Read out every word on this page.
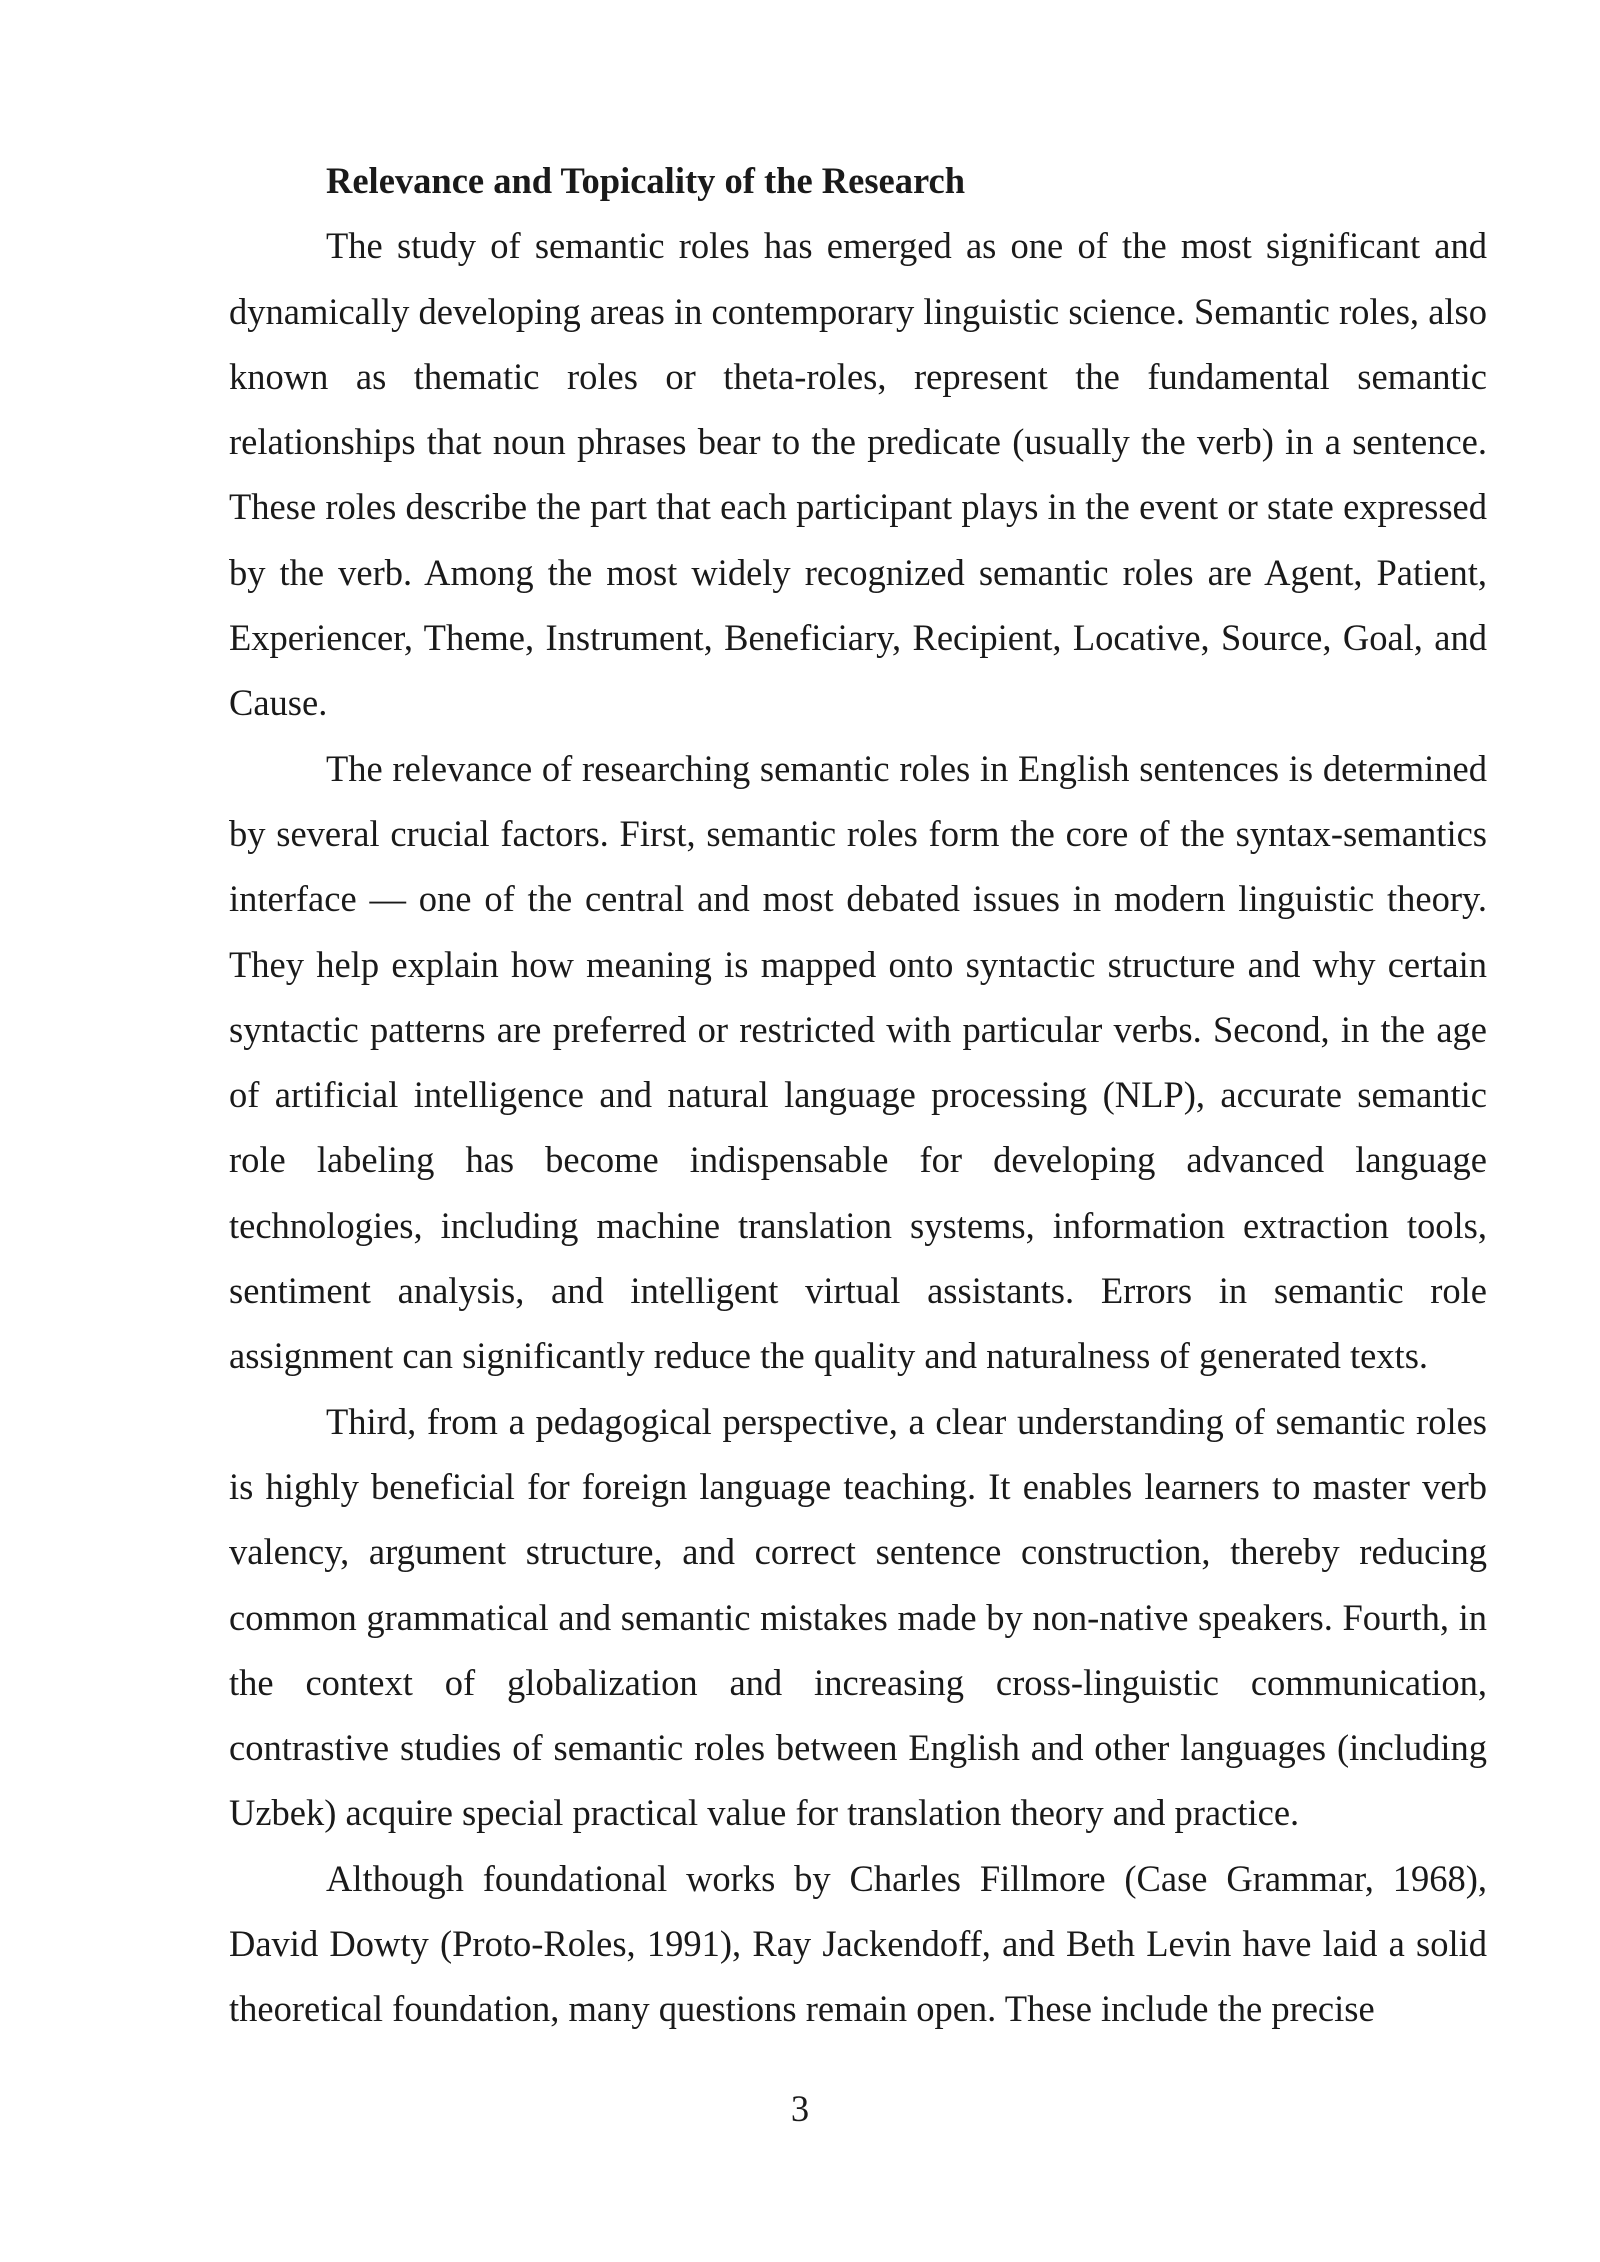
Relevance and Topicality of the Research

The study of semantic roles has emerged as one of the most significant and dynamically developing areas in contemporary linguistic science. Semantic roles, also known as thematic roles or theta-roles, represent the fundamental semantic relationships that noun phrases bear to the predicate (usually the verb) in a sentence. These roles describe the part that each participant plays in the event or state expressed by the verb. Among the most widely recognized semantic roles are Agent, Patient, Experiencer, Theme, Instrument, Beneficiary, Recipient, Locative, Source, Goal, and Cause.

The relevance of researching semantic roles in English sentences is determined by several crucial factors. First, semantic roles form the core of the syntax-semantics interface — one of the central and most debated issues in modern linguistic theory. They help explain how meaning is mapped onto syntactic structure and why certain syntactic patterns are preferred or restricted with particular verbs. Second, in the age of artificial intelligence and natural language processing (NLP), accurate semantic role labeling has become indispensable for developing advanced language technologies, including machine translation systems, information extraction tools, sentiment analysis, and intelligent virtual assistants. Errors in semantic role assignment can significantly reduce the quality and naturalness of generated texts.

Third, from a pedagogical perspective, a clear understanding of semantic roles is highly beneficial for foreign language teaching. It enables learners to master verb valency, argument structure, and correct sentence construction, thereby reducing common grammatical and semantic mistakes made by non-native speakers. Fourth, in the context of globalization and increasing cross-linguistic communication, contrastive studies of semantic roles between English and other languages (including Uzbek) acquire special practical value for translation theory and practice.

Although foundational works by Charles Fillmore (Case Grammar, 1968), David Dowty (Proto-Roles, 1991), Ray Jackendoff, and Beth Levin have laid a solid theoretical foundation, many questions remain open. These include the precise

3
